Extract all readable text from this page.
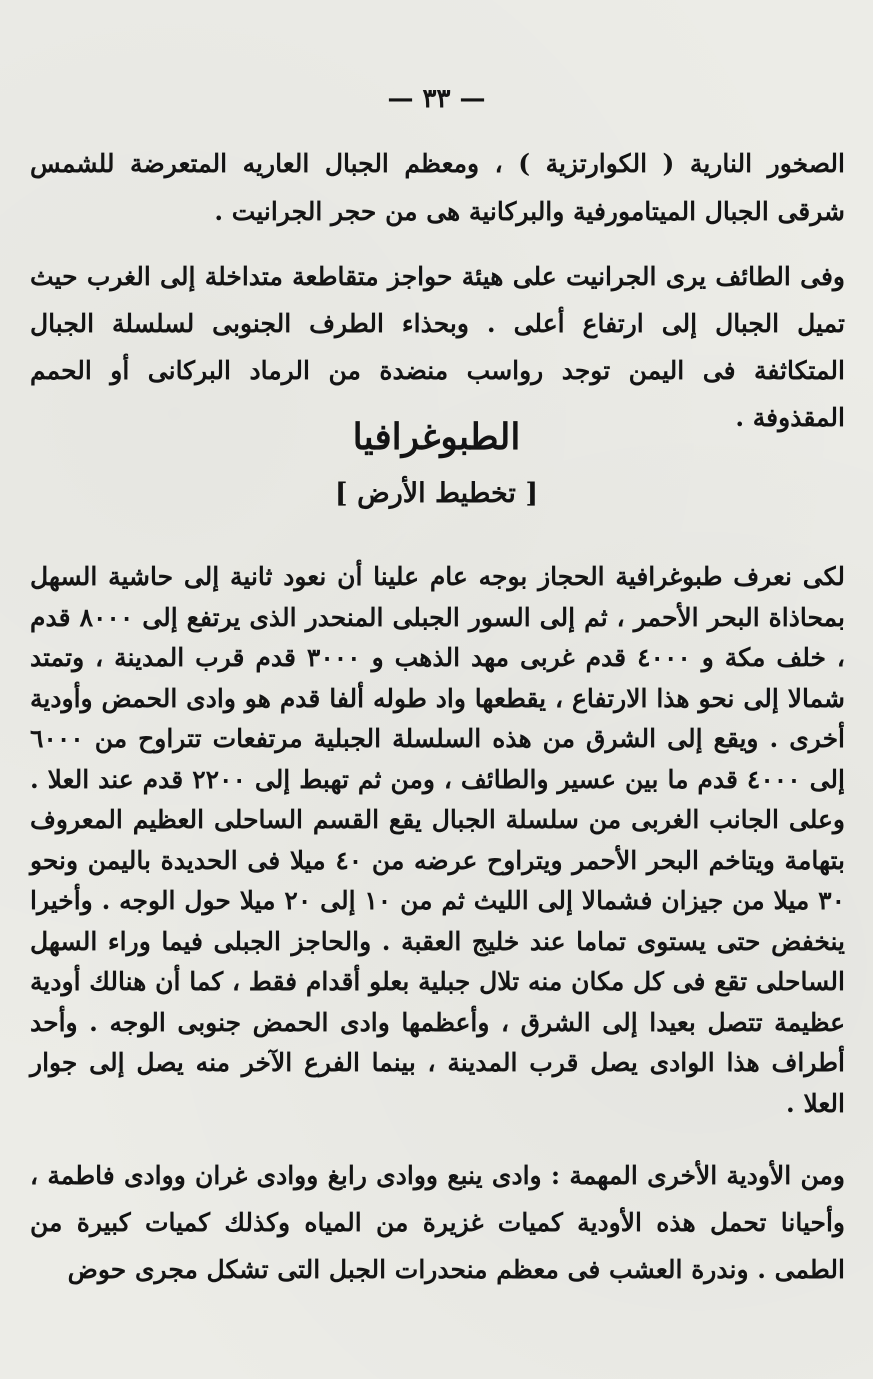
— ٣٣ —

الصخور النارية ( الكوارتزية ) ، ومعظم الجبال العاريه المتعرضة للشمس شرقى الجبال الميتامورفية والبركانية هى من حجر الجرانيت .

وفى الطائف يرى الجرانيت على هيئة حواجز متقاطعة متداخلة إلى الغرب حيث تميل الجبال إلى ارتفاع أعلى . وبحذاء الطرف الجنوبى لسلسلة الجبال المتكاثفة فى اليمن توجد رواسب منضدة من الرماد البركانى أو الحمم المقذوفة .

الطبوغرافيا
[ تخطيط الأرض ]

لكى نعرف طبوغرافية الحجاز بوجه عام علينا أن نعود ثانية إلى حاشية السهل بمحاذاة البحر الأحمر ، ثم إلى السور الجبلى المنحدر الذى يرتفع إلى ٨٠٠٠ قدم ، خلف مكة و ٤٠٠٠ قدم غربى مهد الذهب و ٣٠٠٠ قدم قرب المدينة ، وتمتد شمالا إلى نحو هذا الارتفاع ، يقطعها واد طوله ألفا قدم هو وادى الحمض وأودية أخرى . ويقع إلى الشرق من هذه السلسلة الجبلية مرتفعات تتراوح من ٦٠٠٠ إلى ٤٠٠٠ قدم ما بين عسير والطائف ، ومن ثم تهبط إلى ٢٢٠٠ قدم عند العلا . وعلى الجانب الغربى من سلسلة الجبال يقع القسم الساحلى العظيم المعروف بتهامة ويتاخم البحر الأحمر ويتراوح عرضه من ٤٠ ميلا فى الحديدة باليمن ونحو ٣٠ ميلا من جيزان فشمالا إلى الليث ثم من ١٠ إلى ٢٠ ميلا حول الوجه . وأخيرا ينخفض حتى يستوى تماما عند خليج العقبة . والحاجز الجبلى فيما وراء السهل الساحلى تقع فى كل مكان منه تلال جبلية بعلو أقدام فقط ، كما أن هنالك أودية عظيمة تتصل بعيدا إلى الشرق ، وأعظمها وادى الحمض جنوبى الوجه . وأحد أطراف هذا الوادى يصل قرب المدينة ، بينما الفرع الآخر منه يصل إلى جوار العلا .

ومن الأودية الأخرى المهمة : وادى ينبع ووادى رابغ ووادى غران ووادى فاطمة ، وأحيانا تحمل هذه الأودية كميات غزيرة من المياه وكذلك كميات كبيرة من الطمى . وندرة العشب فى معظم منحدرات الجبل التى تشكل مجرى حوض
